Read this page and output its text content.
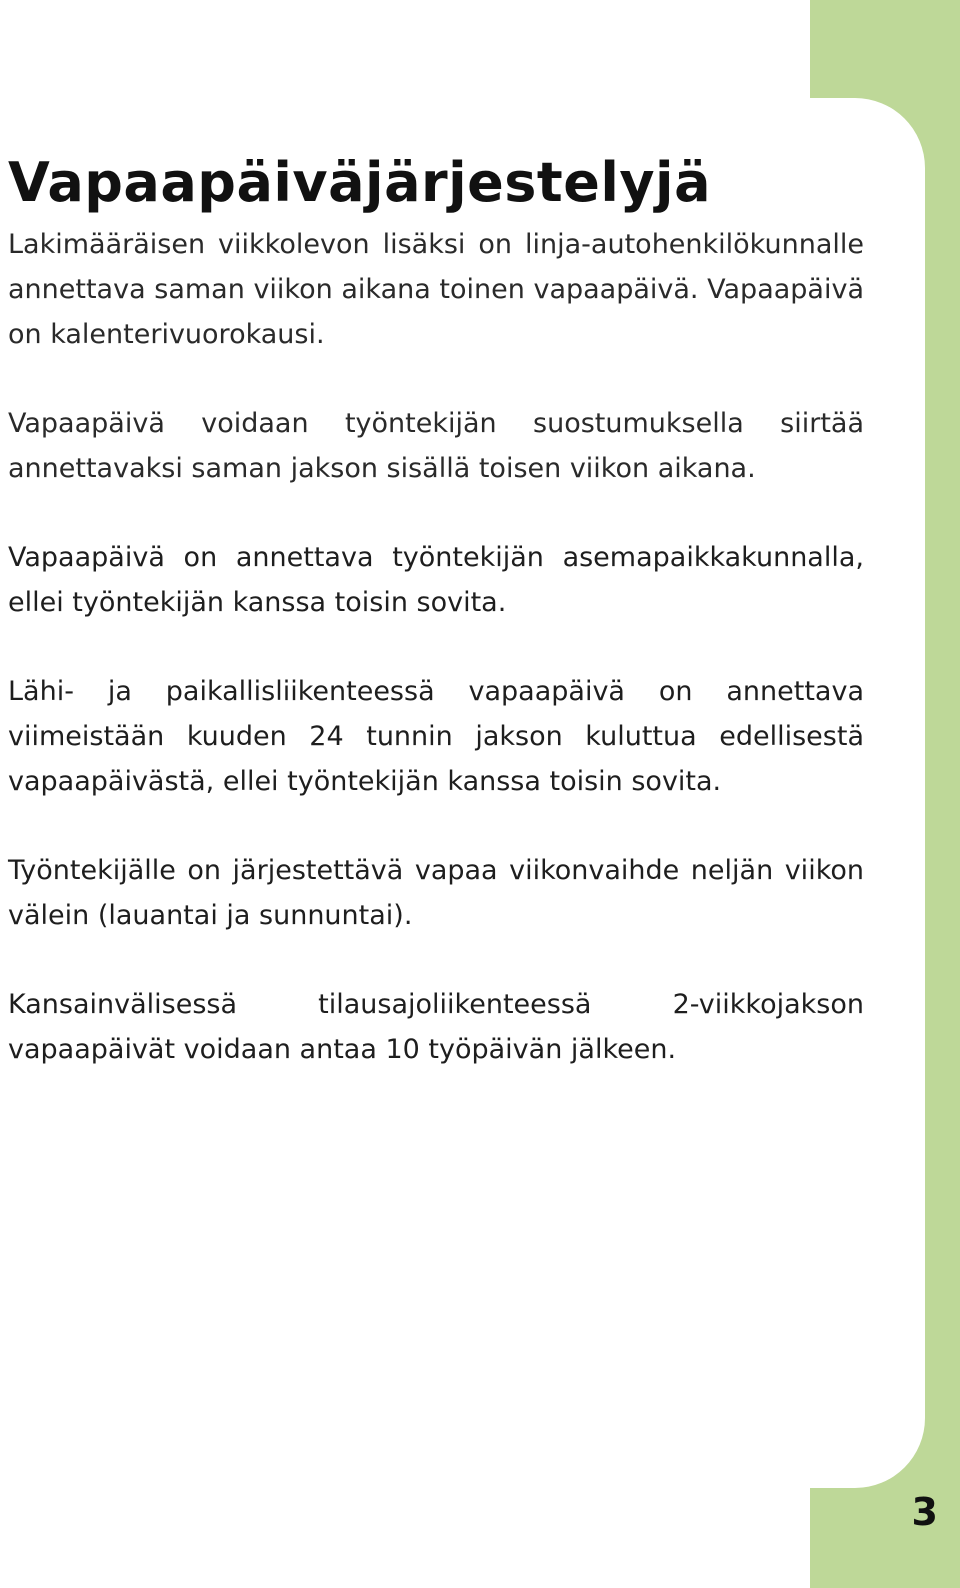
3
Vapaapäiväjärjestelyjä

Lakimääräisen viikkolevon lisäksi on linja-autohenkilökunnalle annettava saman viikon aikana toinen vapaapäivä. Vapaapäivä on kalenterivuorokausi.

Vapaapäivä voidaan työntekijän suostumuksella siirtää annettavaksi saman jakson sisällä toisen viikon aikana.

Vapaapäivä on annettava työntekijän asemapaikkakunnalla, ellei työntekijän kanssa toisin sovita.

Lähi- ja paikallisliikenteessä vapaapäivä on annettava viimeistään kuuden 24 tunnin jakson kuluttua edellisestä vapaapäivästä, ellei työntekijän kanssa toisin sovita.

Työntekijälle on järjestettävä vapaa viikonvaihde neljän viikon välein (lauantai ja sunnuntai).

Kansainvälisessä tilausajoliikenteessä 2-viikkojakson vapaapäivät voidaan antaa 10 työpäivän jälkeen.
